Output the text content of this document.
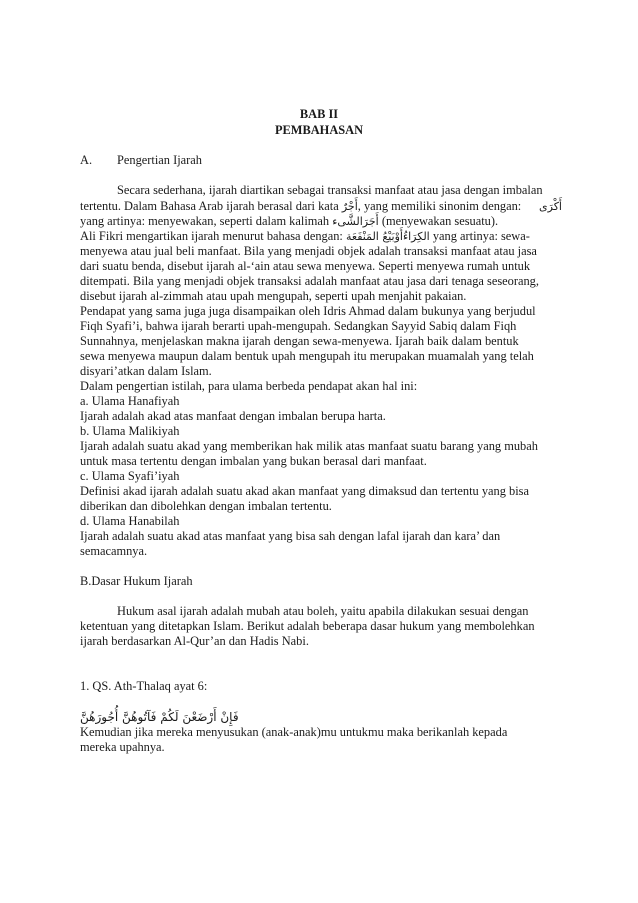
BAB II
PEMBAHASAN
A. Pengertian Ijarah
Secara sederhana, ijarah diartikan sebagai transaksi manfaat atau jasa dengan imbalan
tertentu. Dalam Bahasa Arab ijarah berasal dari kata أَجْرٌ, yang memiliki sinonim dengan: أَكْرَى
yang artinya: menyewakan, seperti dalam kalimah أَجَرَالشَّىء (menyewakan sesuatu).
Ali Fikri mengartikan ijarah menurut bahasa dengan: الكِرَاءُأَوْبَيْعُ المَنْفَعَة yang artinya: sewa-
menyewa atau jual beli manfaat. Bila yang menjadi objek adalah transaksi manfaat atau jasa
dari suatu benda, disebut ijarah al-‘ain atau sewa menyewa. Seperti menyewa rumah untuk
ditempati. Bila yang menjadi objek transaksi adalah manfaat atau jasa dari tenaga seseorang,
disebut ijarah al-zimmah atau upah mengupah, seperti upah menjahit pakaian.
Pendapat yang sama juga juga disampaikan oleh Idris Ahmad dalam bukunya yang berjudul
Fiqh Syafi’i, bahwa ijarah berarti upah-mengupah. Sedangkan Sayyid Sabiq dalam Fiqh
Sunnahnya, menjelaskan makna ijarah dengan sewa-menyewa. Ijarah baik dalam bentuk
sewa menyewa maupun dalam bentuk upah mengupah itu merupakan muamalah yang telah
disyari’atkan dalam Islam.
Dalam pengertian istilah, para ulama berbeda pendapat akan hal ini:
a. Ulama Hanafiyah
Ijarah adalah akad atas manfaat dengan imbalan berupa harta.
b. Ulama Malikiyah
Ijarah adalah suatu akad yang memberikan hak milik atas manfaat suatu barang yang mubah
untuk masa tertentu dengan imbalan yang bukan berasal dari manfaat.
c. Ulama Syafi’iyah
Definisi akad ijarah adalah suatu akad akan manfaat yang dimaksud dan tertentu yang bisa
diberikan dan dibolehkan dengan imbalan tertentu.
d. Ulama Hanabilah
Ijarah adalah suatu akad atas manfaat yang bisa sah dengan lafal ijarah dan kara’ dan
semacamnya.
B.Dasar Hukum Ijarah
Hukum asal ijarah adalah mubah atau boleh, yaitu apabila dilakukan sesuai dengan
ketentuan yang ditetapkan Islam. Berikut adalah beberapa dasar hukum yang membolehkan
ijarah berdasarkan Al-Qur’an dan Hadis Nabi.
1. QS. Ath-Thalaq ayat 6:
فَإِنْ أَرْضَعْنَ لَكُمْ فَآتُوهُنَّ أُجُورَهُنَّ
Kemudian jika mereka menyusukan (anak-anak)mu untukmu maka berikanlah kepada
mereka upahnya.
